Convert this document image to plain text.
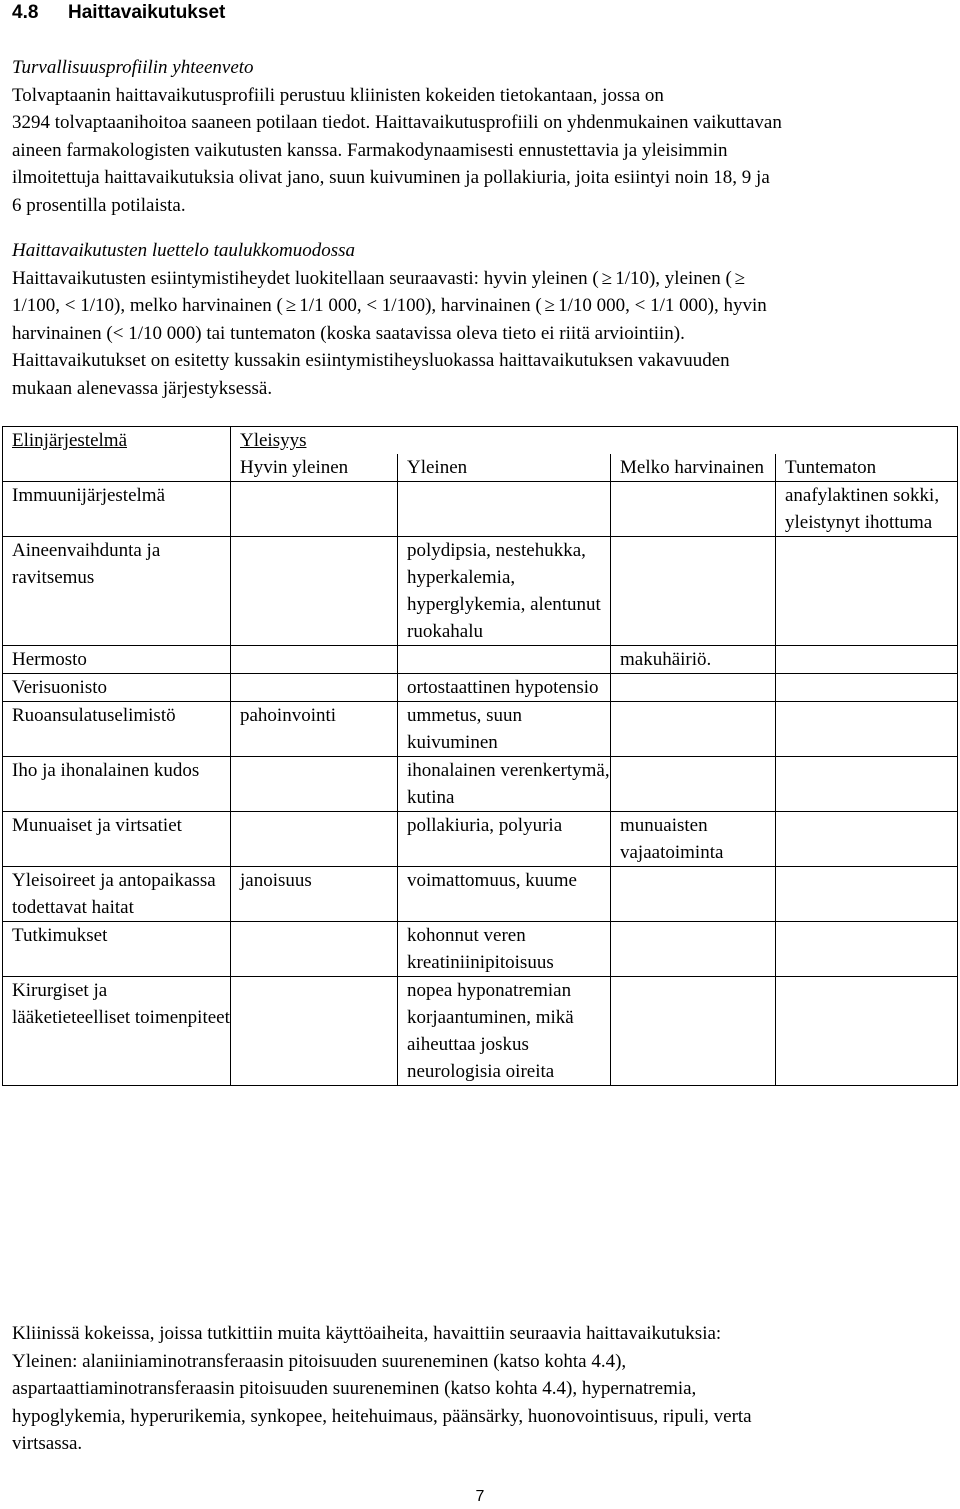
4.8 Haittavaikutukset
Turvallisuusprofiilin yhteenveto
Tolvaptaanin haittavaikutusprofiili perustuu kliinisten kokeiden tietokantaan, jossa on
3294 tolvaptaanihoitoa saaneen potilaan tiedot. Haittavaikutusprofiili on yhdenmukainen vaikuttavan
aineen farmakologisten vaikutusten kanssa. Farmakodynaamisesti ennustettavia ja yleisimmin
ilmoitettuja haittavaikutuksia olivat jano, suun kuivuminen ja pollakiuria, joita esiintyi noin 18, 9 ja
6 prosentilla potilaista.
Haittavaikutusten luettelo taulukkomuodossa
Haittavaikutusten esiintymistiheydet luokitellaan seuraavasti: hyvin yleinen ( ≥ 1/10), yleinen ( ≥
1/100, < 1/10), melko harvinainen ( ≥ 1/1 000, < 1/100), harvinainen ( ≥ 1/10 000, < 1/1 000), hyvin
harvinainen (< 1/10 000) tai tuntematon (koska saatavissa oleva tieto ei riitä arviointiin).
Haittavaikutukset on esitetty kussakin esiintymistiheysluokassa haittavaikutuksen vakavuuden
mukaan alenevassa järjestyksessä.
Elinjärjestelmä	Yleisyys			
	Hyvin yleinen	Yleinen	Melko harvinainen	Tuntematon
Immuunijärjestelmä				anafylaktinen sokki, yleistynyt ihottuma
Aineenvaihdunta ja ravitsemus		polydipsia, nestehukka, hyperkalemia, hyperglykemia, alentunut ruokahalu		
Hermosto			makuhäiriö.	
Verisuonisto		ortostaattinen hypotensio		
Ruoansulatuselimistö	pahoinvointi	ummetus, suun kuivuminen		
Iho ja ihonalainen kudos		ihonalainen verenkertymä, kutina		
Munuaiset ja virtsatiet		pollakiuria, polyuria	munuaisten vajaatoiminta	
Yleisoireet ja antopaikassa todettavat haitat	janoisuus	voimattomuus, kuume		
Tutkimukset		kohonnut veren kreatiniinipitoisuus		
Kirurgiset ja lääketieteelliset toimenpiteet		nopea hyponatremian korjaantuminen, mikä aiheuttaa joskus neurologisia oireita		
Kliinissä kokeissa, joissa tutkittiin muita käyttöaiheita, havaittiin seuraavia haittavaikutuksia:
Yleinen: alaniiniaminotransferaasin pitoisuuden suureneminen (katso kohta 4.4),
aspartaattiaminotransferaasin pitoisuuden suureneminen (katso kohta 4.4), hypernatremia,
hypoglykemia, hyperurikemia, synkopee, heitehuimaus, päänsärky, huonovointisuus, ripuli, verta
virtsassa.
7
